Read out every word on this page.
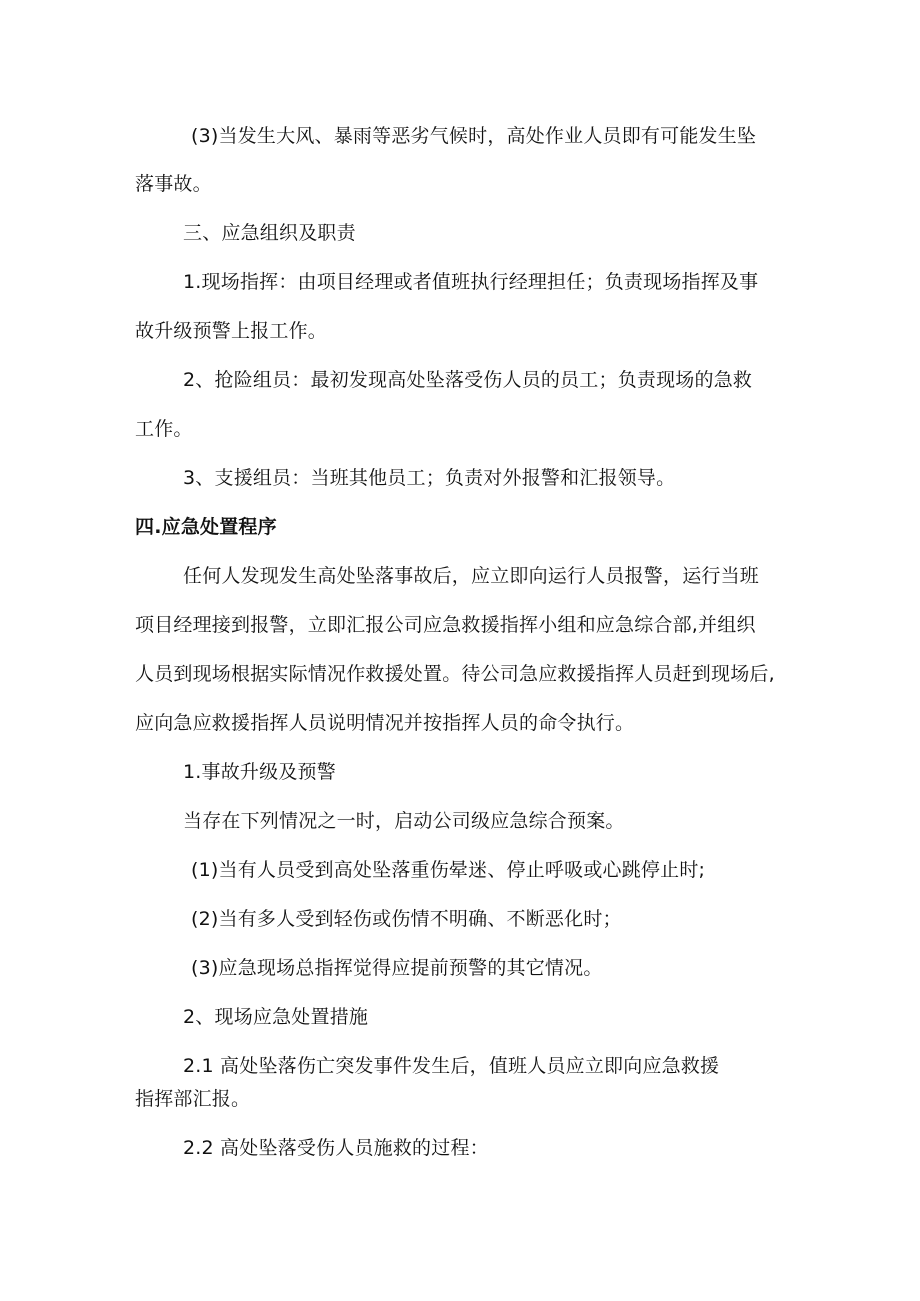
(3)当发生大风、暴雨等恶劣气候时，高处作业人员即有可能发生坠
落事故。
三、应急组织及职责
1.现场指挥：由项目经理或者值班执行经理担任；负责现场指挥及事
故升级预警上报工作。
2、抢险组员：最初发现高处坠落受伤人员的员工；负责现场的急救
工作。
3、支援组员：当班其他员工；负责对外报警和汇报领导。
四.应急处置程序
任何人发现发生高处坠落事故后，应立即向运行人员报警，运行当班
项目经理接到报警，立即汇报公司应急救援指挥小组和应急综合部,并组织
人员到现场根据实际情况作救援处置。待公司急应救援指挥人员赶到现场后,
应向急应救援指挥人员说明情况并按指挥人员的命令执行。
1.事故升级及预警
当存在下列情况之一时，启动公司级应急综合预案。
(1)当有人员受到高处坠落重伤晕迷、停止呼吸或心跳停止时;
(2)当有多人受到轻伤或伤情不明确、不断恶化时；
(3)应急现场总指挥觉得应提前预警的其它情况。
2、现场应急处置措施
2.1 高处坠落伤亡突发事件发生后，值班人员应立即向应急救援
指挥部汇报。
2.2 高处坠落受伤人员施救的过程：
